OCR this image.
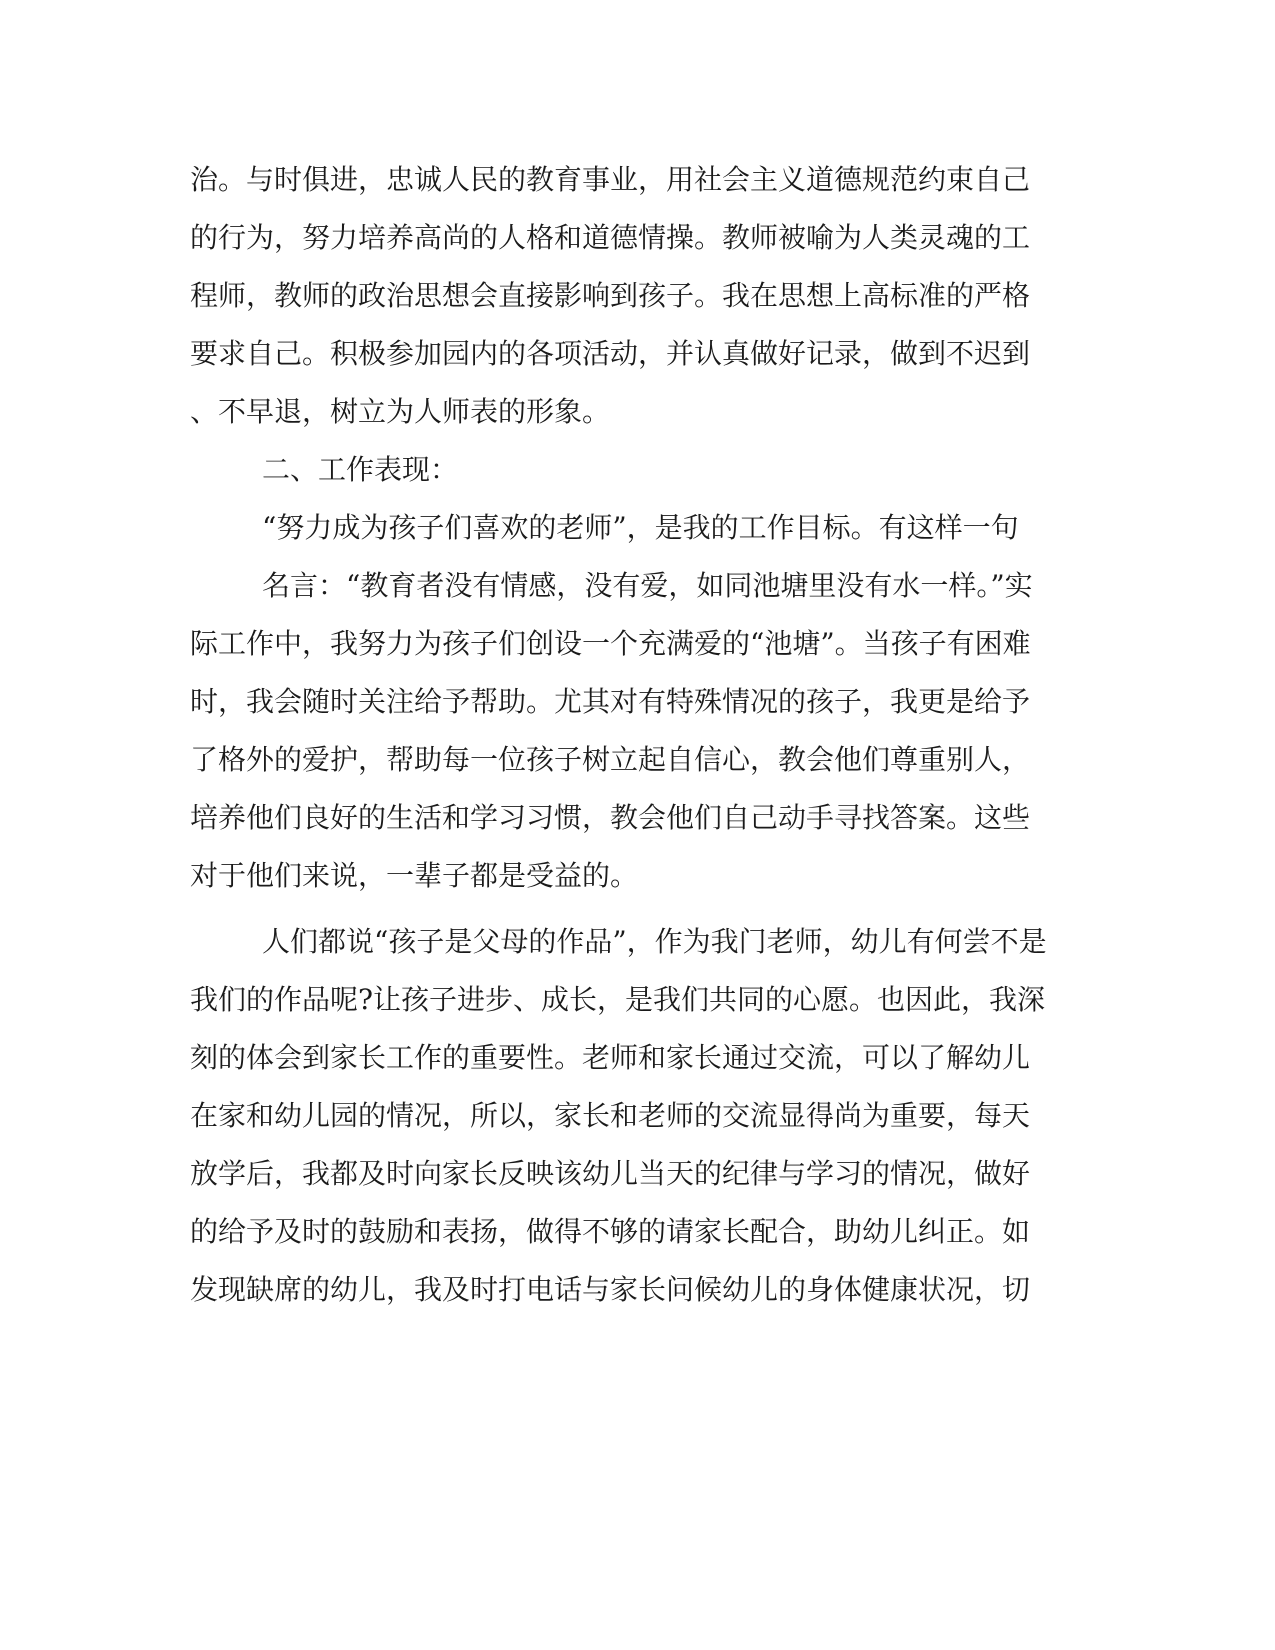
治。与时俱进，忠诚人民的教育事业，用社会主义道德规范约束自己
的行为，努力培养高尚的人格和道德情操。教师被喻为人类灵魂的工
程师，教师的政治思想会直接影响到孩子。我在思想上高标准的严格
要求自己。积极参加园内的各项活动，并认真做好记录，做到不迟到
、不早退，树立为人师表的形象。
二、工作表现：
“努力成为孩子们喜欢的老师”，是我的工作目标。有这样一句
名言：“教育者没有情感，没有爱，如同池塘里没有水一样。”实
际工作中，我努力为孩子们创设一个充满爱的“池塘”。当孩子有困难
时，我会随时关注给予帮助。尤其对有特殊情况的孩子，我更是给予
了格外的爱护，帮助每一位孩子树立起自信心，教会他们尊重别人，
培养他们良好的生活和学习习惯，教会他们自己动手寻找答案。这些
对于他们来说，一辈子都是受益的。
人们都说“孩子是父母的作品”，作为我门老师，幼儿有何尝不是
我们的作品呢?让孩子进步、成长，是我们共同的心愿。也因此，我深
刻的体会到家长工作的重要性。老师和家长通过交流，可以了解幼儿
在家和幼儿园的情况，所以，家长和老师的交流显得尚为重要，每天
放学后，我都及时向家长反映该幼儿当天的纪律与学习的情况，做好
的给予及时的鼓励和表扬，做得不够的请家长配合，助幼儿纠正。如
发现缺席的幼儿，我及时打电话与家长问候幼儿的身体健康状况，切
